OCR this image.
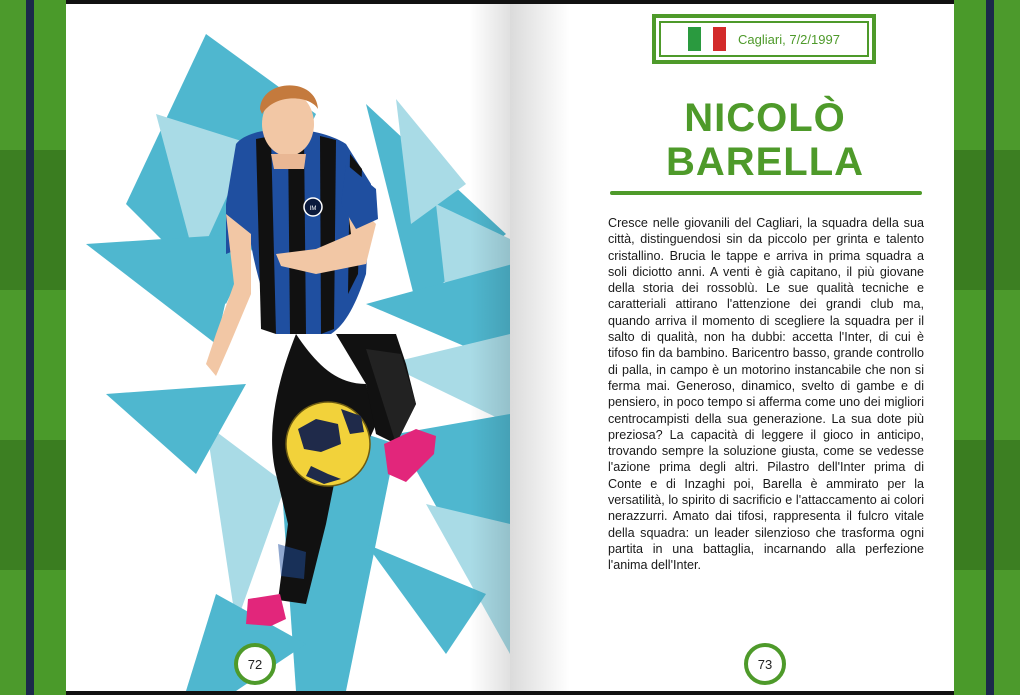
IM
72
Cagliari, 7/2/1997
NICOLÒ
BARELLA
Cresce nelle giovanili del Cagliari, la squadra della sua città, distinguendosi sin da piccolo per grinta e talento cristallino. Brucia le tappe e arriva in prima squadra a soli diciotto anni. A venti è già capitano, il più giovane della storia dei rossoblù. Le sue qualità tecniche e caratteriali attirano l'attenzione dei grandi club ma, quando arriva il momento di scegliere la squadra per il salto di qualità, non ha dubbi: accetta l'Inter, di cui è tifoso fin da bambino. Baricentro basso, grande controllo di palla, in campo è un motorino instancabile che non si ferma mai. Generoso, dinamico, svelto di gambe e di pensiero, in poco tempo si afferma come uno dei migliori centrocampisti della sua generazione. La sua dote più preziosa? La capacità di leggere il gioco in anticipo, trovando sempre la soluzione giusta, come se vedesse l'azione prima degli altri. Pilastro dell'Inter prima di Conte e di Inzaghi poi, Barella è ammirato per la versatilità, lo spirito di sacrificio e l'attaccamento ai colori nerazzurri. Amato dai tifosi, rappresenta il fulcro vitale della squadra: un leader silenzioso che trasforma ogni partita in una battaglia, incarnando alla perfezione l'anima dell'Inter.
73
